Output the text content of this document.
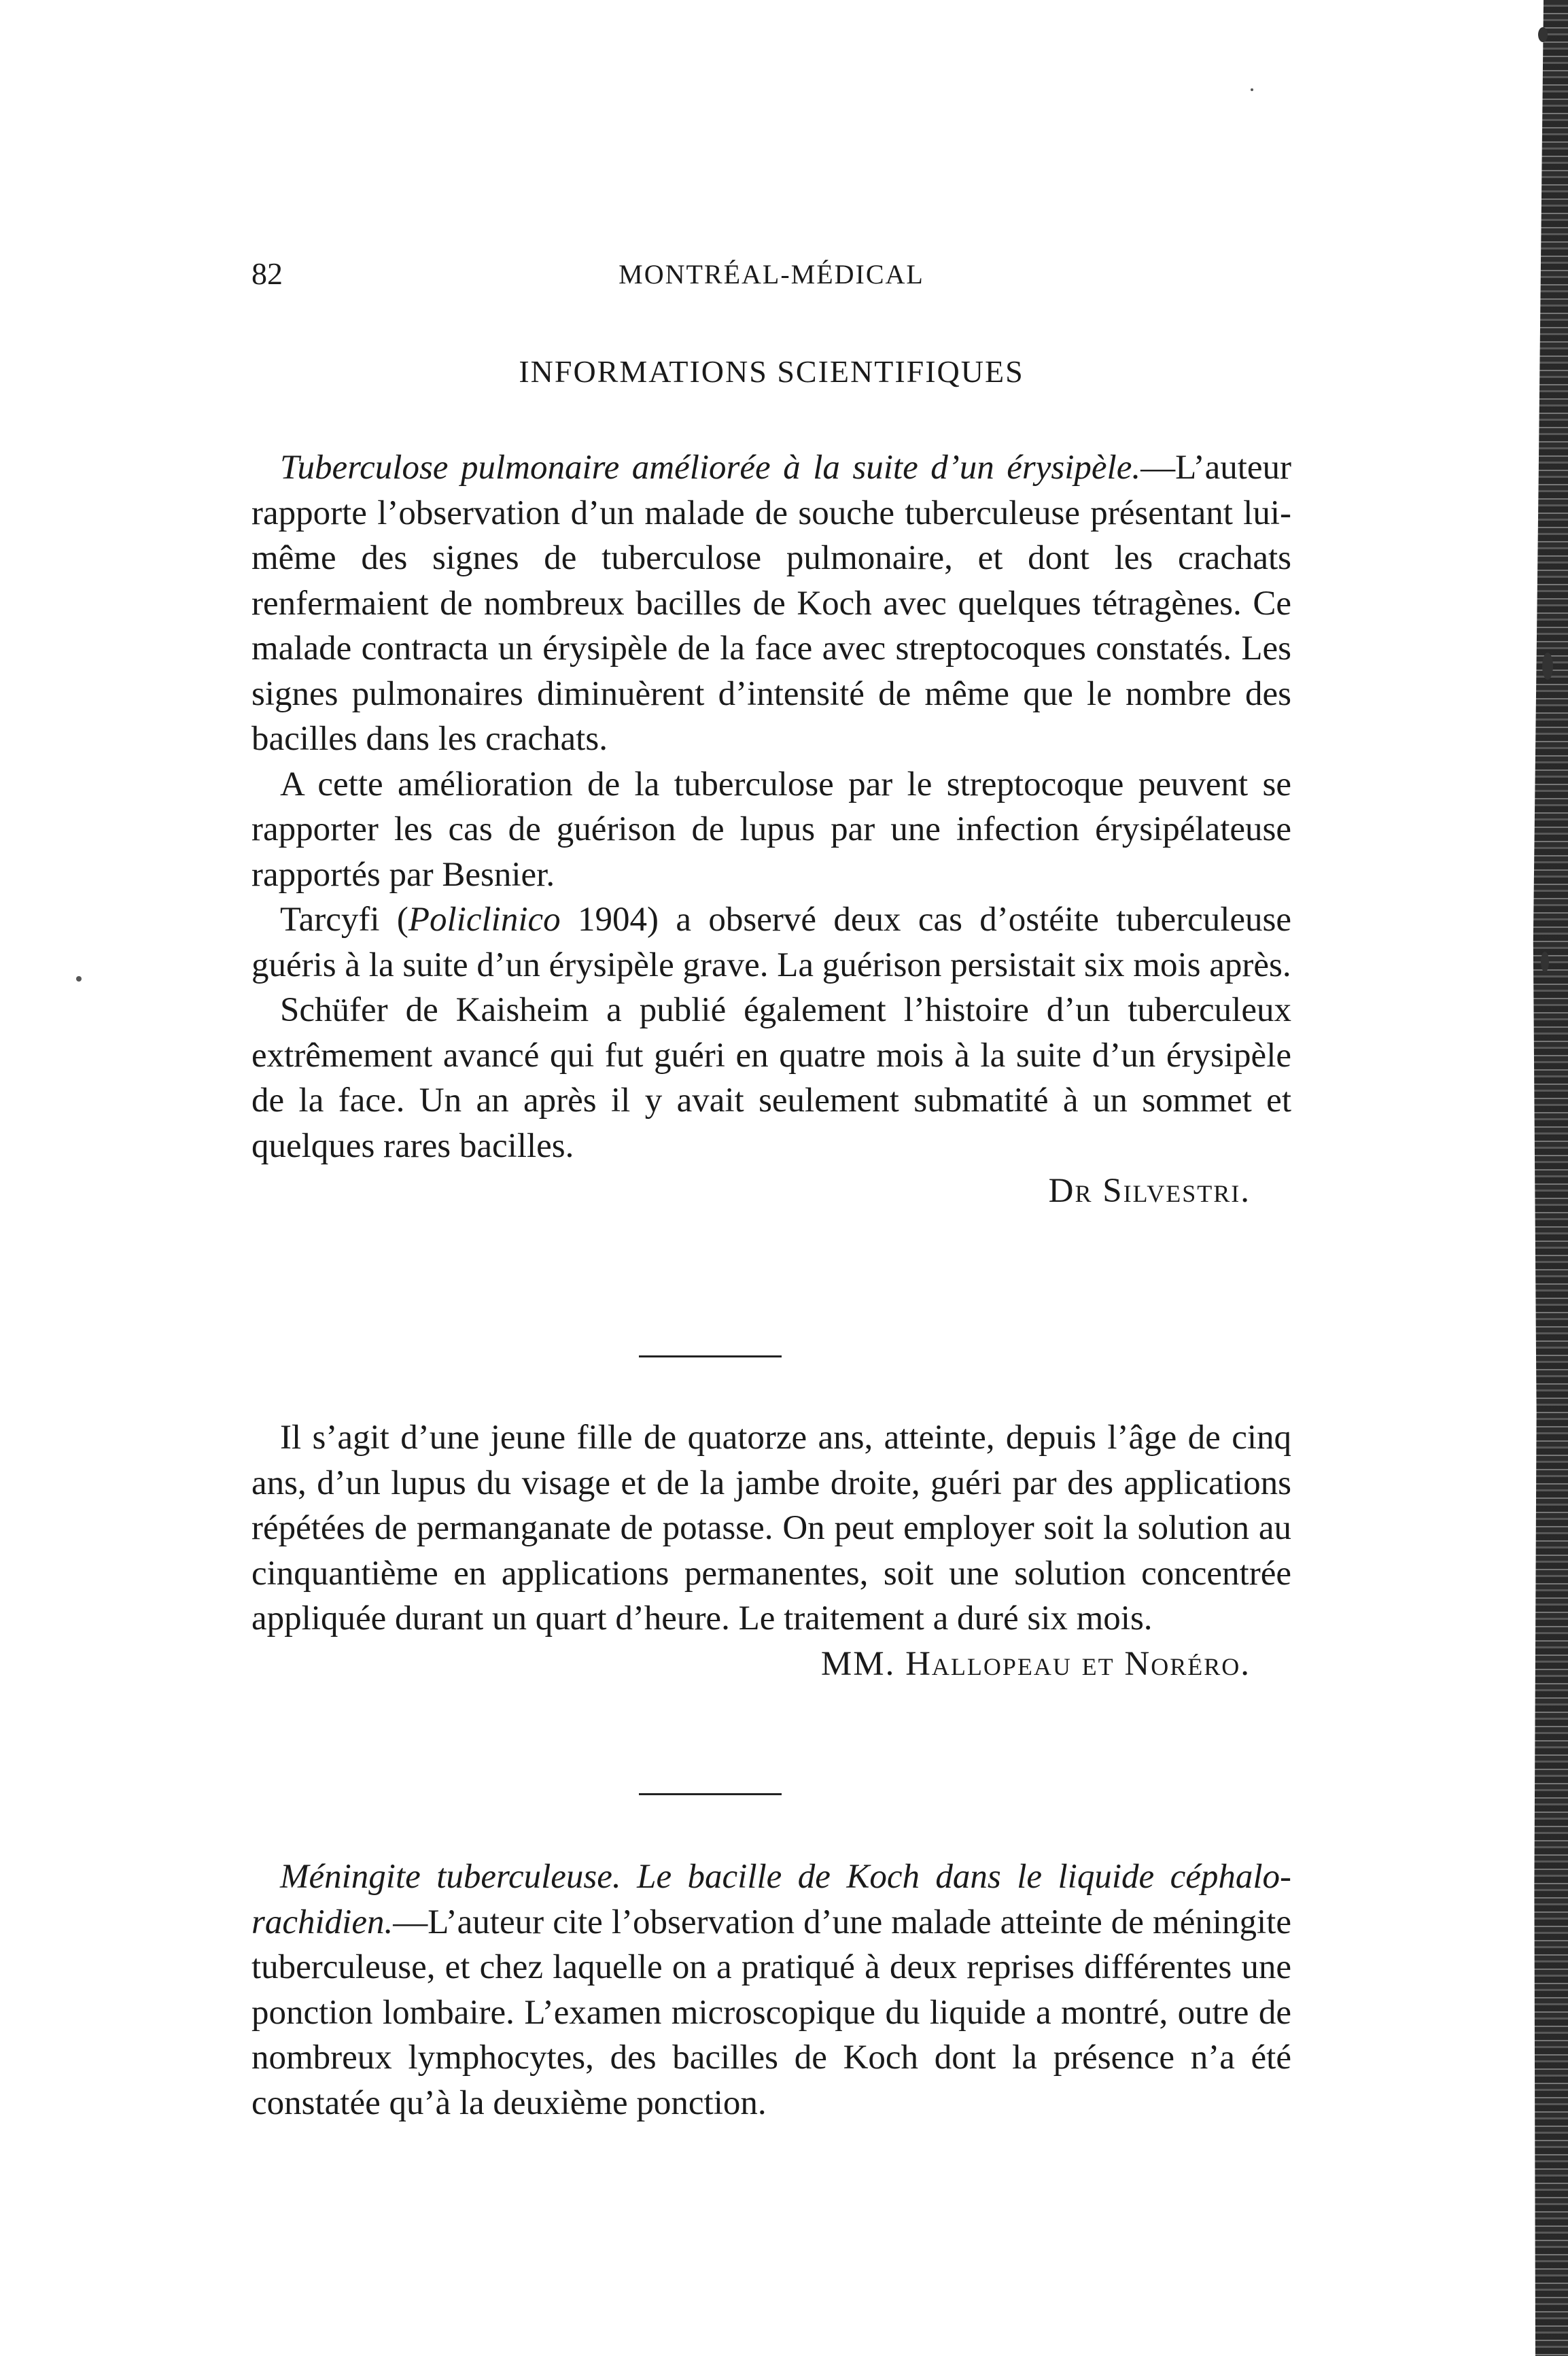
82	MONTRÉAL-MÉDICAL
INFORMATIONS SCIENTIFIQUES

Tuberculose pulmonaire améliorée à la suite d’un érysipèle.—L’auteur rapporte l’observation d’un malade de souche tuberculeuse présentant lui-même des signes de tuberculose pulmonaire, et dont les crachats renfermaient de nombreux bacilles de Koch avec quelques tétragènes. Ce malade contracta un érysipèle de la face avec streptocoques constatés. Les signes pulmonaires diminuèrent d’intensité de même que le nombre des bacilles dans les crachats.

A cette amélioration de la tuberculose par le streptocoque peuvent se rapporter les cas de guérison de lupus par une infection érysipélateuse rapportés par Besnier.

Tarcyfi (Policlinico 1904) a observé deux cas d’ostéite tuberculeuse guéris à la suite d’un érysipèle grave. La guérison persistait six mois après.

Schüfer de Kaisheim a publié également l’histoire d’un tuberculeux extrêmement avancé qui fut guéri en quatre mois à la suite d’un érysipèle de la face. Un an après il y avait seulement submatité à un sommet et quelques rares bacilles.

Dr Silvestri.

Il s’agit d’une jeune fille de quatorze ans, atteinte, depuis l’âge de cinq ans, d’un lupus du visage et de la jambe droite, guéri par des applications répétées de permanganate de potasse. On peut employer soit la solution au cinquantième en applications permanentes, soit une solution concentrée appliquée durant un quart d’heure. Le traitement a duré six mois.

MM. Hallopeau et Noréro.

Méningite tuberculeuse. Le bacille de Koch dans le liquide céphalo-rachidien.—L’auteur cite l’observation d’une malade atteinte de méningite tuberculeuse, et chez laquelle on a pratiqué à deux reprises différentes une ponction lombaire. L’examen microscopique du liquide a montré, outre de nombreux lymphocytes, des bacilles de Koch dont la présence n’a été constatée qu’à la deuxième ponction.
